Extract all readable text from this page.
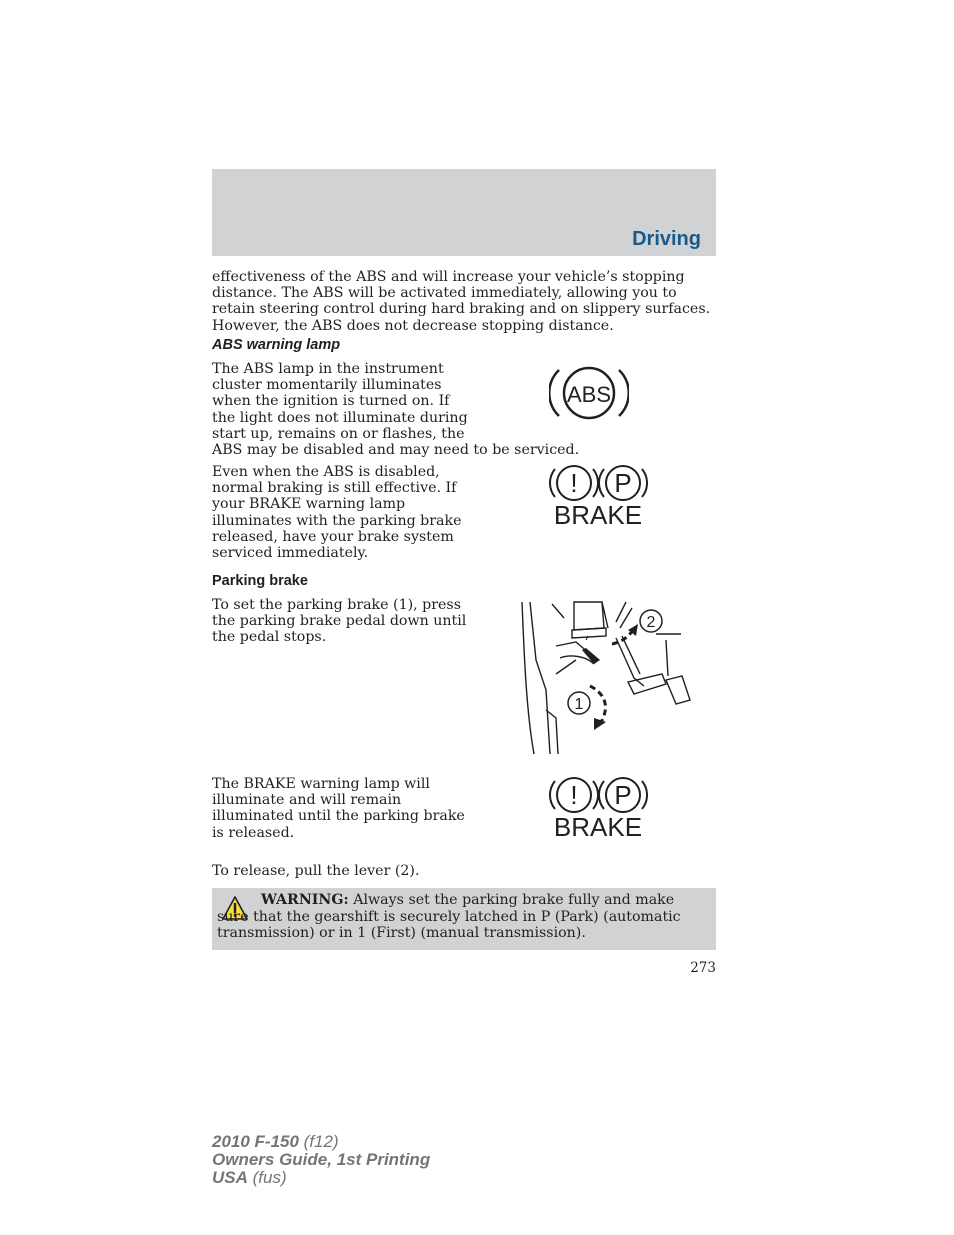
Driving

effectiveness of the ABS and will increase your vehicle’s stopping distance. The ABS will be activated immediately, allowing you to retain steering control during hard braking and on slippery surfaces. However, the ABS does not decrease stopping distance.

ABS warning lamp

The ABS lamp in the instrument
cluster momentarily illuminates
when the ignition is turned on. If
the light does not illuminate during
start up, remains on or flashes, the
ABS may be disabled and may need to be serviced.
ABS
Even when the ABS is disabled,
normal braking is still effective. If
your BRAKE warning lamp
illuminates with the parking brake
released, have your brake system
serviced immediately.
! P
BRAKE

Parking brake

To set the parking brake (1), press
the parking brake pedal down until
the pedal stops.
2
1
The BRAKE warning lamp will
illuminate and will remain
illuminated until the parking brake
is released.
! P
BRAKE

To release, pull the lever (2).

WARNING: Always set the parking brake fully and make sure that the gearshift is securely latched in P (Park) (automatic transmission) or in 1 (First) (manual transmission).

273
2010 F-150 (f12)
Owners Guide, 1st Printing
USA (fus)
